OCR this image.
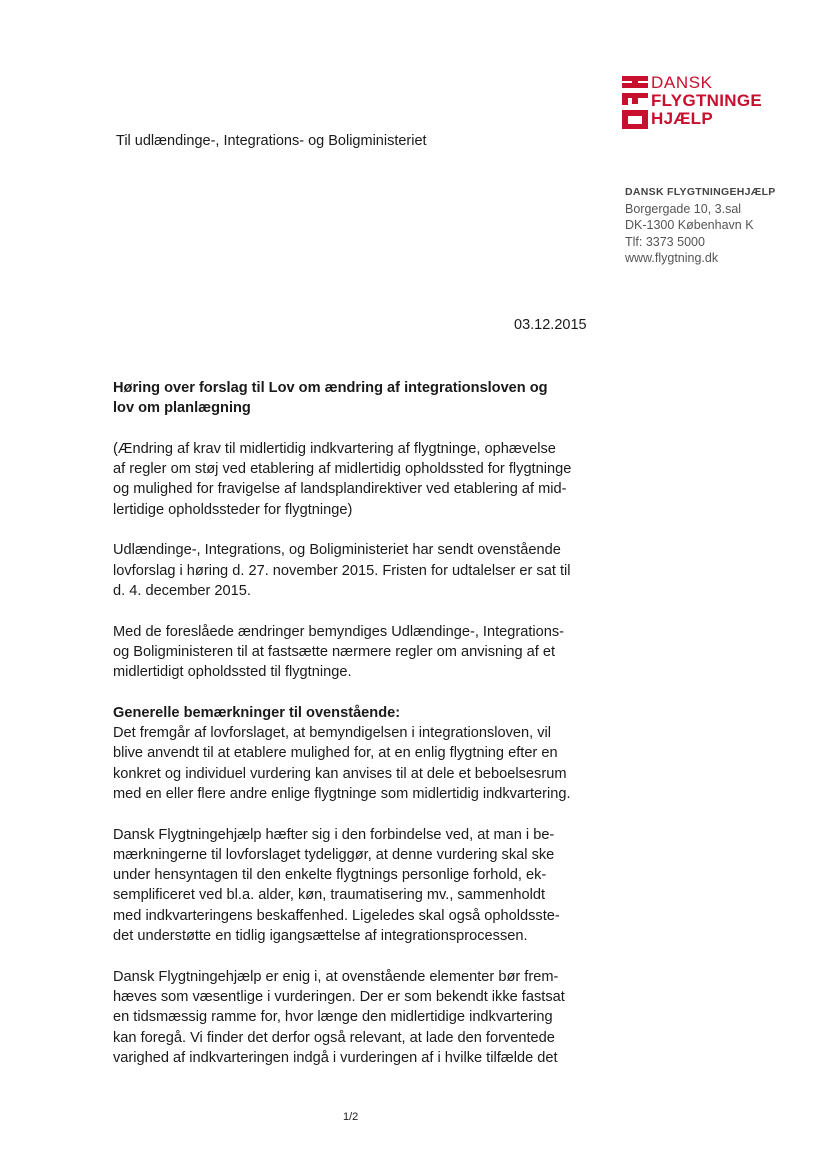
DANSK
FLYGTNINGE
HJÆLP
Til udlændinge-, Integrations- og Boligministeriet
DANSK FLYGTNINGEHJÆLP
Borgergade 10, 3.sal
DK-1300 København K
Tlf: 3373 5000
www.flygtning.dk
03.12.2015

Høring over forslag til Lov om ændring af integrationsloven og
lov om planlægning

(Ændring af krav til midlertidig indkvartering af flygtninge, ophævelse
af regler om støj ved etablering af midlertidig opholdssted for flygtninge
og mulighed for fravigelse af landsplandirektiver ved etablering af mid-
lertidige opholdssteder for flygtninge)

Udlændinge-, Integrations, og Boligministeriet har sendt ovenstående
lovforslag i høring d. 27. november 2015. Fristen for udtalelser er sat til
d. 4. december 2015.

Med de foreslåede ændringer bemyndiges Udlændinge-, Integrations-
og Boligministeren til at fastsætte nærmere regler om anvisning af et
midlertidigt opholdssted til flygtninge.

Generelle bemærkninger til ovenstående:

Det fremgår af lovforslaget, at bemyndigelsen i integrationsloven, vil
blive anvendt til at etablere mulighed for, at en enlig flygtning efter en
konkret og individuel vurdering kan anvises til at dele et beboelsesrum
med en eller flere andre enlige flygtninge som midlertidig indkvartering.

Dansk Flygtningehjælp hæfter sig i den forbindelse ved, at man i be-
mærkningerne til lovforslaget tydeliggør, at denne vurdering skal ske
under hensyntagen til den enkelte flygtnings personlige forhold, ek-
semplificeret ved bl.a. alder, køn, traumatisering mv., sammenholdt
med indkvarteringens beskaffenhed. Ligeledes skal også opholdsste-
det understøtte en tidlig igangsættelse af integrationsprocessen.

Dansk Flygtningehjælp er enig i, at ovenstående elementer bør frem-
hæves som væsentlige i vurderingen. Der er som bekendt ikke fastsat
en tidsmæssig ramme for, hvor længe den midlertidige indkvartering
kan foregå. Vi finder det derfor også relevant, at lade den forventede
varighed af indkvarteringen indgå i vurderingen af i hvilke tilfælde det

1/2
